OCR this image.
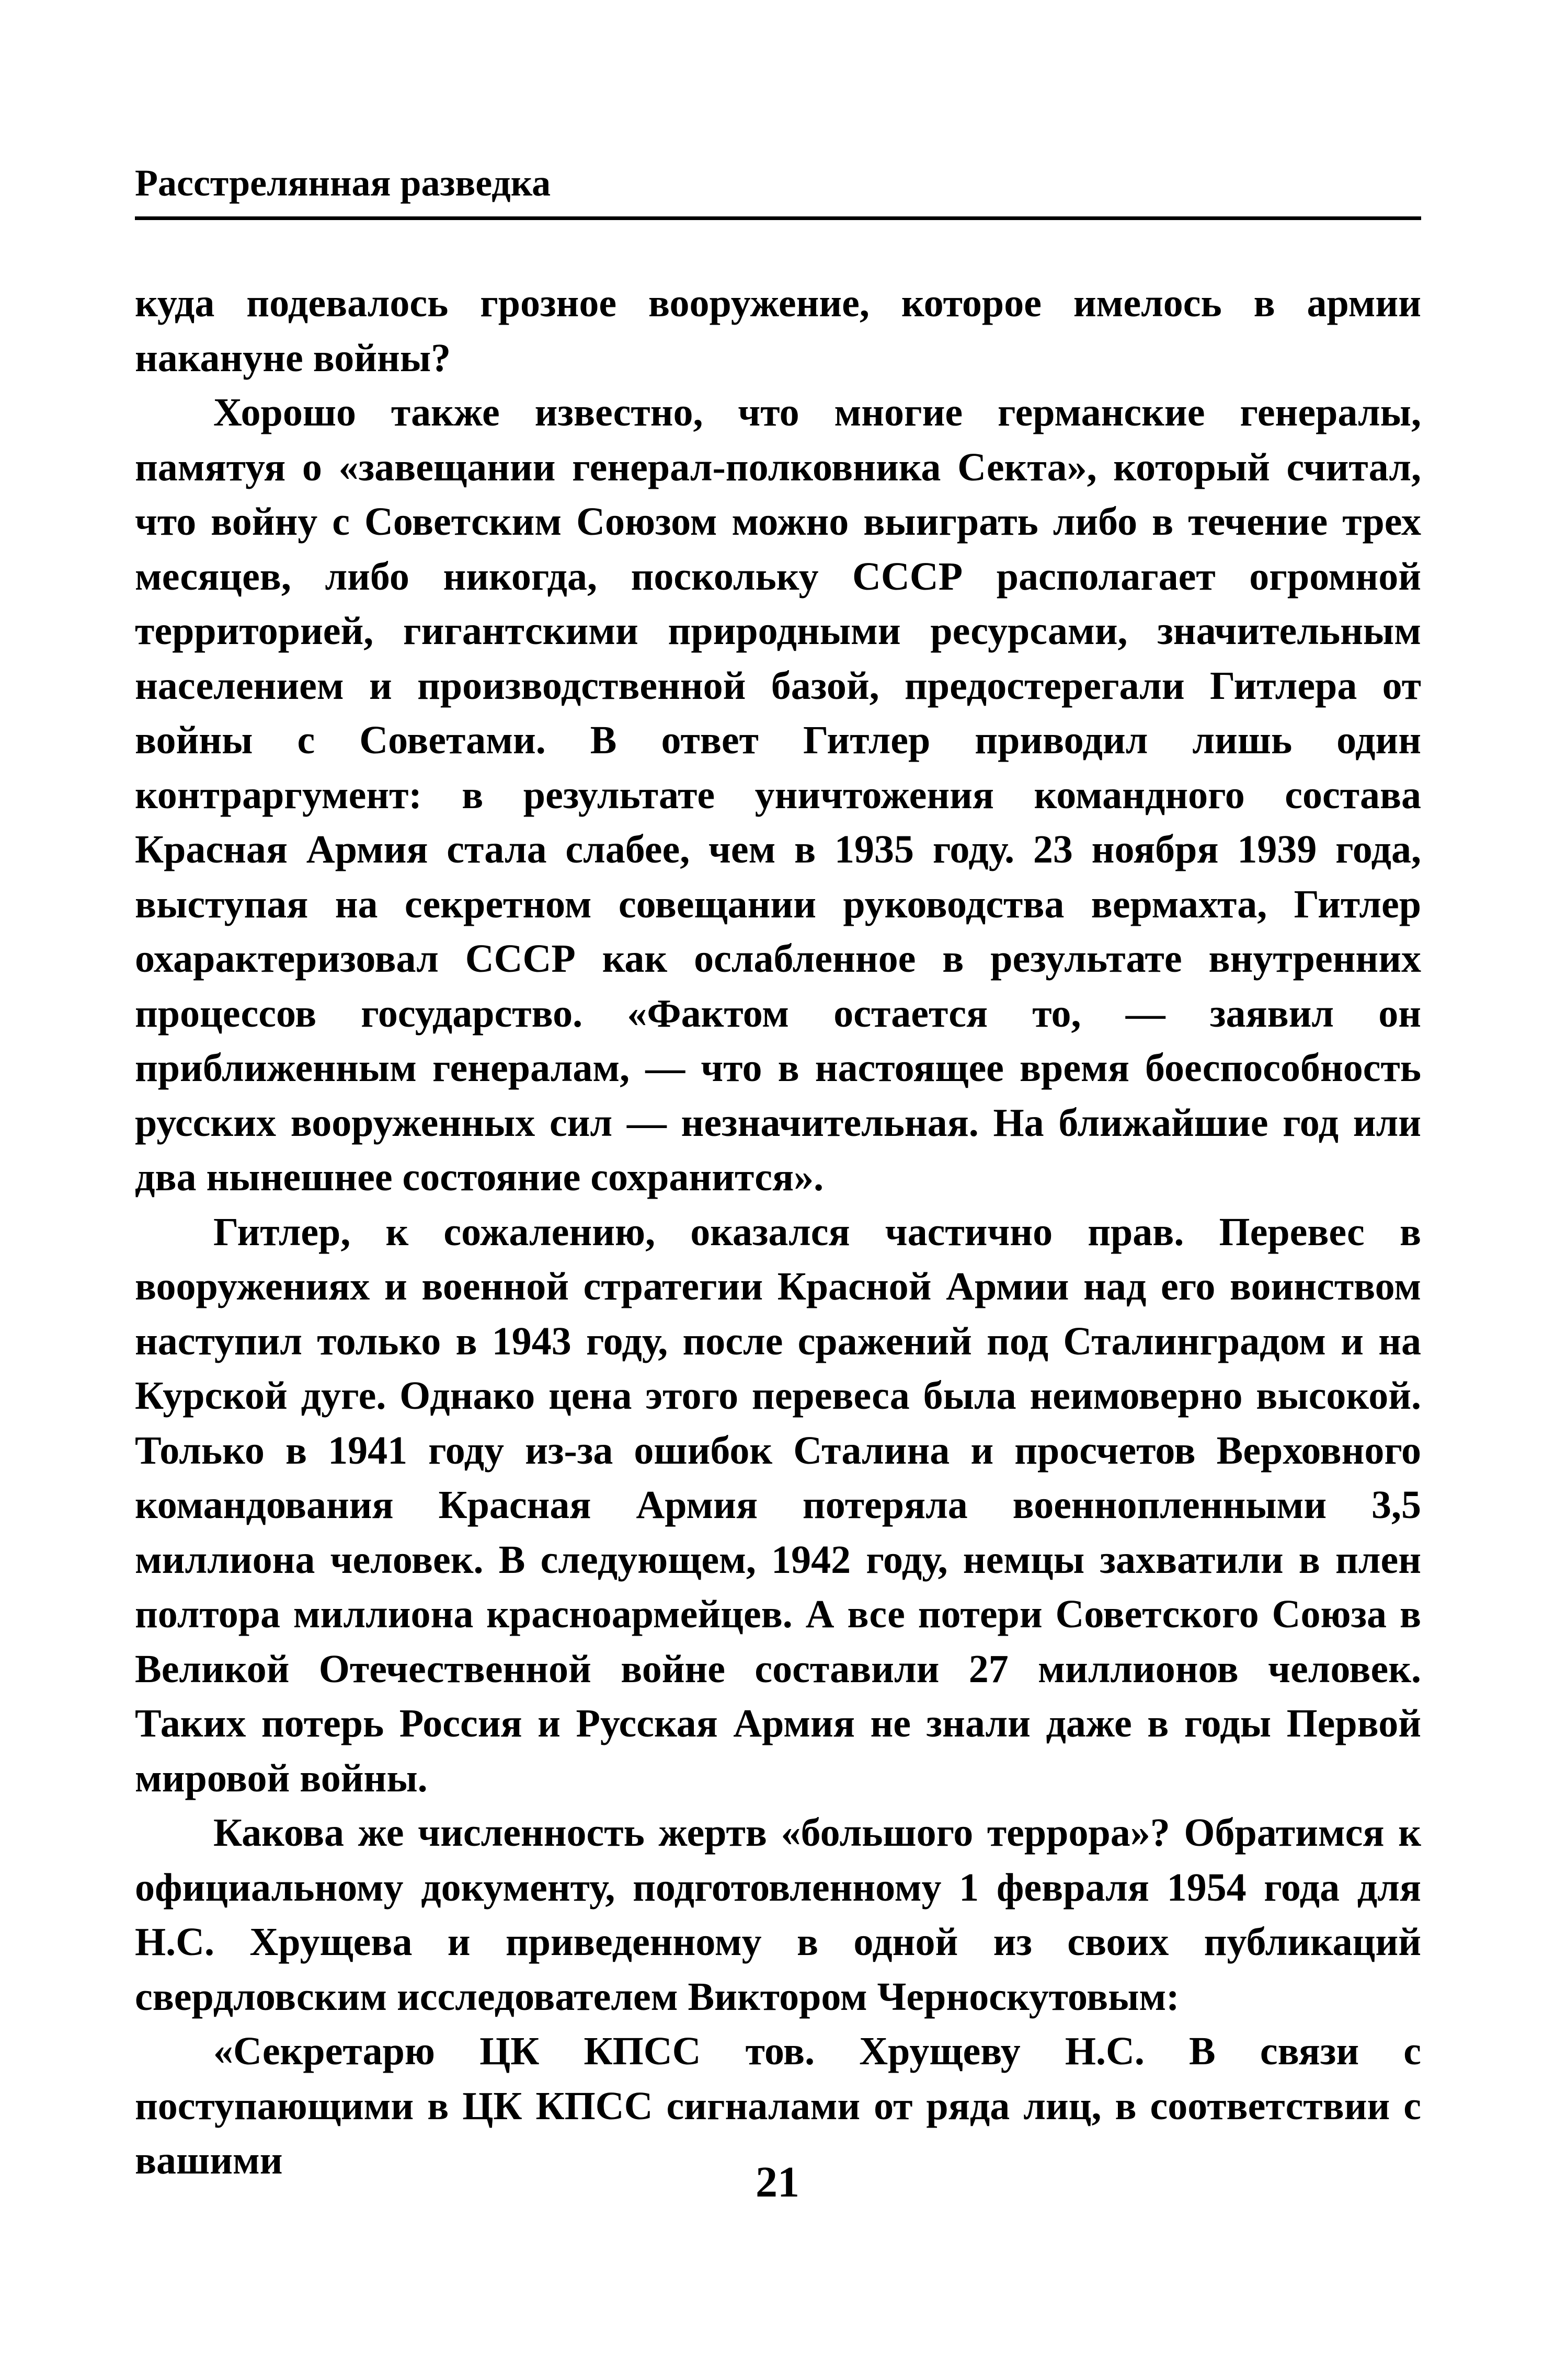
Расстрелянная разведка

куда подевалось грозное вооружение, которое имелось в армии накануне войны?

Хорошо также известно, что многие германские генералы, памятуя о «завещании генерал-полковника Секта», который считал, что войну с Советским Союзом можно выиграть либо в течение трех месяцев, либо никогда, поскольку СССР располагает огромной территорией, гигантскими природными ресурсами, значительным населением и производственной базой, предостерегали Гитлера от войны с Советами. В ответ Гитлер приводил лишь один контраргумент: в результате уничтожения командного состава Красная Армия стала слабее, чем в 1935 году. 23 ноября 1939 года, выступая на секретном совещании руководства вермахта, Гитлер охарактеризовал СССР как ослабленное в результате внутренних процессов государство. «Фактом остается то, — заявил он приближенным генералам, — что в настоящее время боеспособность русских вооруженных сил — незначительная. На ближайшие год или два нынешнее состояние сохранится».

Гитлер, к сожалению, оказался частично прав. Перевес в вооружениях и военной стратегии Красной Армии над его воинством наступил только в 1943 году, после сражений под Сталинградом и на Курской дуге. Однако цена этого перевеса была неимоверно высокой. Только в 1941 году из-за ошибок Сталина и просчетов Верховного командования Красная Армия потеряла военнопленными 3,5 миллиона человек. В следующем, 1942 году, немцы захватили в плен полтора миллиона красноармейцев. А все потери Советского Союза в Великой Отечественной войне составили 27 миллионов человек. Таких потерь Россия и Русская Армия не знали даже в годы Первой мировой войны.

Какова же численность жертв «большого террора»? Обратимся к официальному документу, подготовленному 1 февраля 1954 года для Н.С. Хрущева и приведенному в одной из своих публикаций свердловским исследователем Виктором Черноскутовым:

«Секретарю ЦК КПСС тов. Хрущеву Н.С. В связи с поступающими в ЦК КПСС сигналами от ряда лиц, в соответствии с вашими	21
